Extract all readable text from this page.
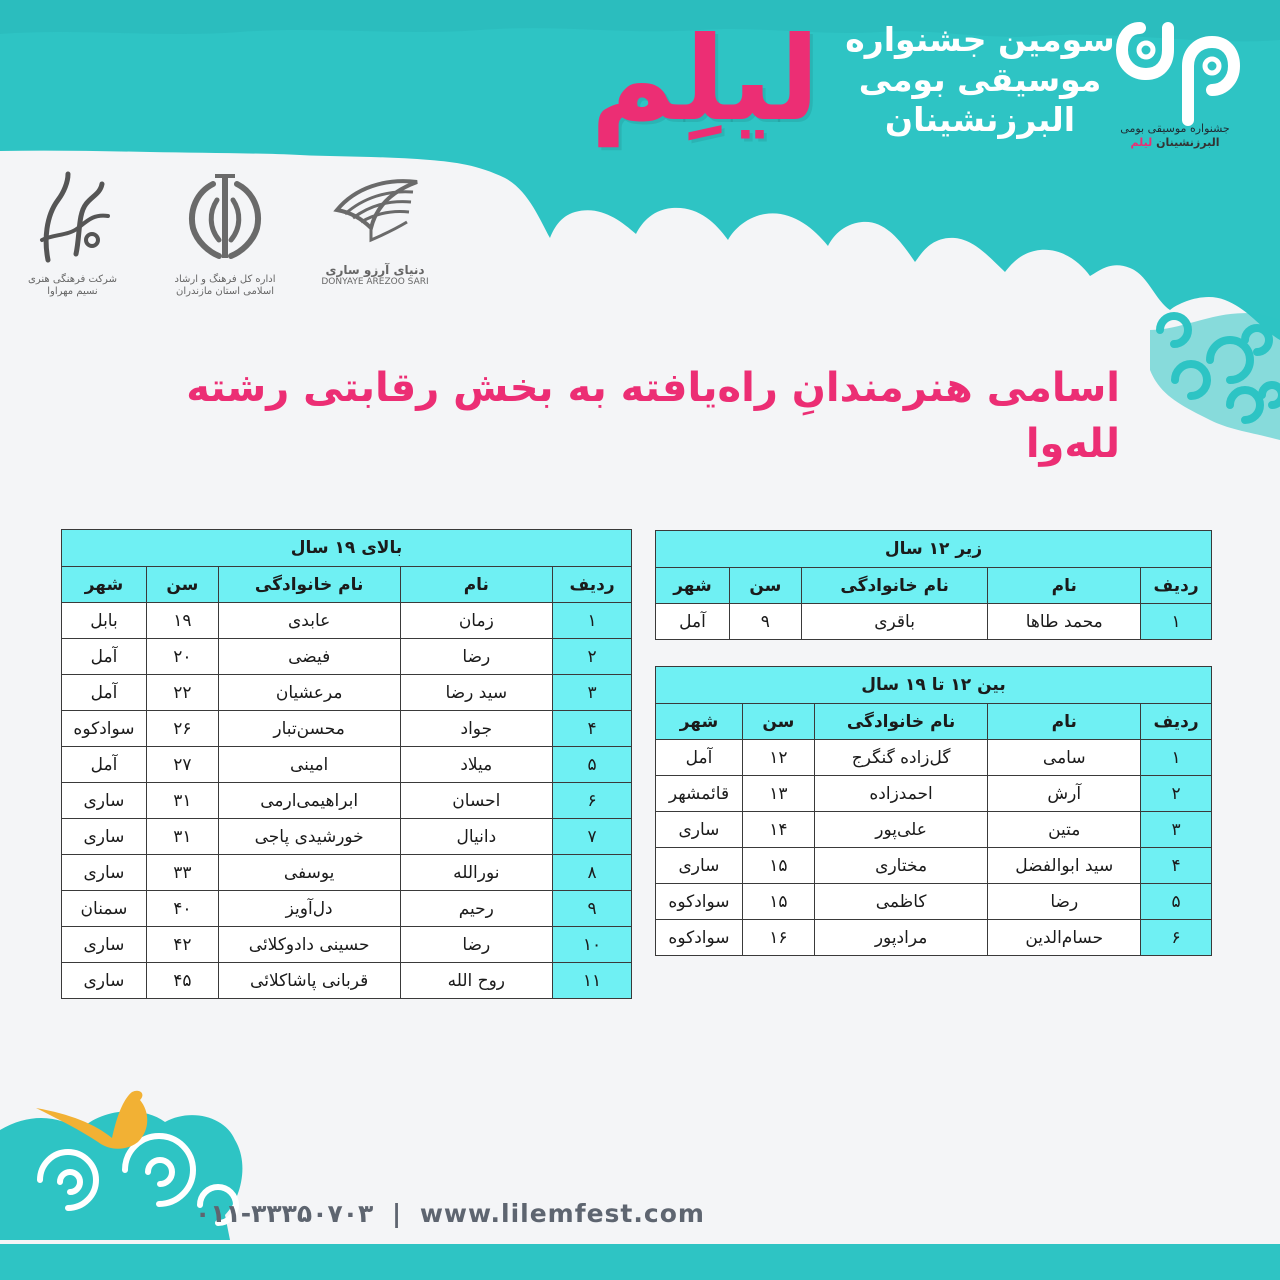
لیلِم سومین جشنواره
موسیقی بومی
البرزنشینان	جشنواره موسیقی بومی
البرزنشینان لیلم
شرکت فرهنگی هنری نسیم مهراوا
اداره کل فرهنگ و ارشاد اسلامی استان مازندران
دنیای آرزو ساری
DONYAYE AREZOO SARI
اسامی هنرمندانِ راه‌یافته به بخش رقابتی رشته لله‌وا
بالای ۱۹ سال				
ردیف	نام	نام خانوادگی	سن	شهر
۱	زمان	عابدی	۱۹	بابل
۲	رضا	فیضی	۲۰	آمل
۳	سید رضا	مرعشیان	۲۲	آمل
۴	جواد	محسن‌تبار	۲۶	سوادکوه
۵	میلاد	امینی	۲۷	آمل
۶	احسان	ابراهیمی‌ارمی	۳۱	ساری
۷	دانیال	خورشیدی پاجی	۳۱	ساری
۸	نورالله	یوسفی	۳۳	ساری
۹	رحیم	دل‌آویز	۴۰	سمنان
۱۰	رضا	حسینی دادوکلائی	۴۲	ساری
۱۱	روح الله	قربانی پاشاکلائی	۴۵	ساری
زیر ۱۲ سال				
ردیف	نام	نام خانوادگی	سن	شهر
۱	محمد طاها	باقری	۹	آمل
بین ۱۲ تا ۱۹ سال				
ردیف	نام	نام خانوادگی	سن	شهر
۱	سامی	گل‌زاده گنگرج	۱۲	آمل
۲	آرش	احمدزاده	۱۳	قائمشهر
۳	متین	علی‌پور	۱۴	ساری
۴	سید ابوالفضل	مختاری	۱۵	ساری
۵	رضا	کاظمی	۱۵	سوادکوه
۶	حسام‌الدین	مرادپور	۱۶	سوادکوه
۰۱۱-۳۳۳۵۰۷۰۳ | www.lilemfest.com
